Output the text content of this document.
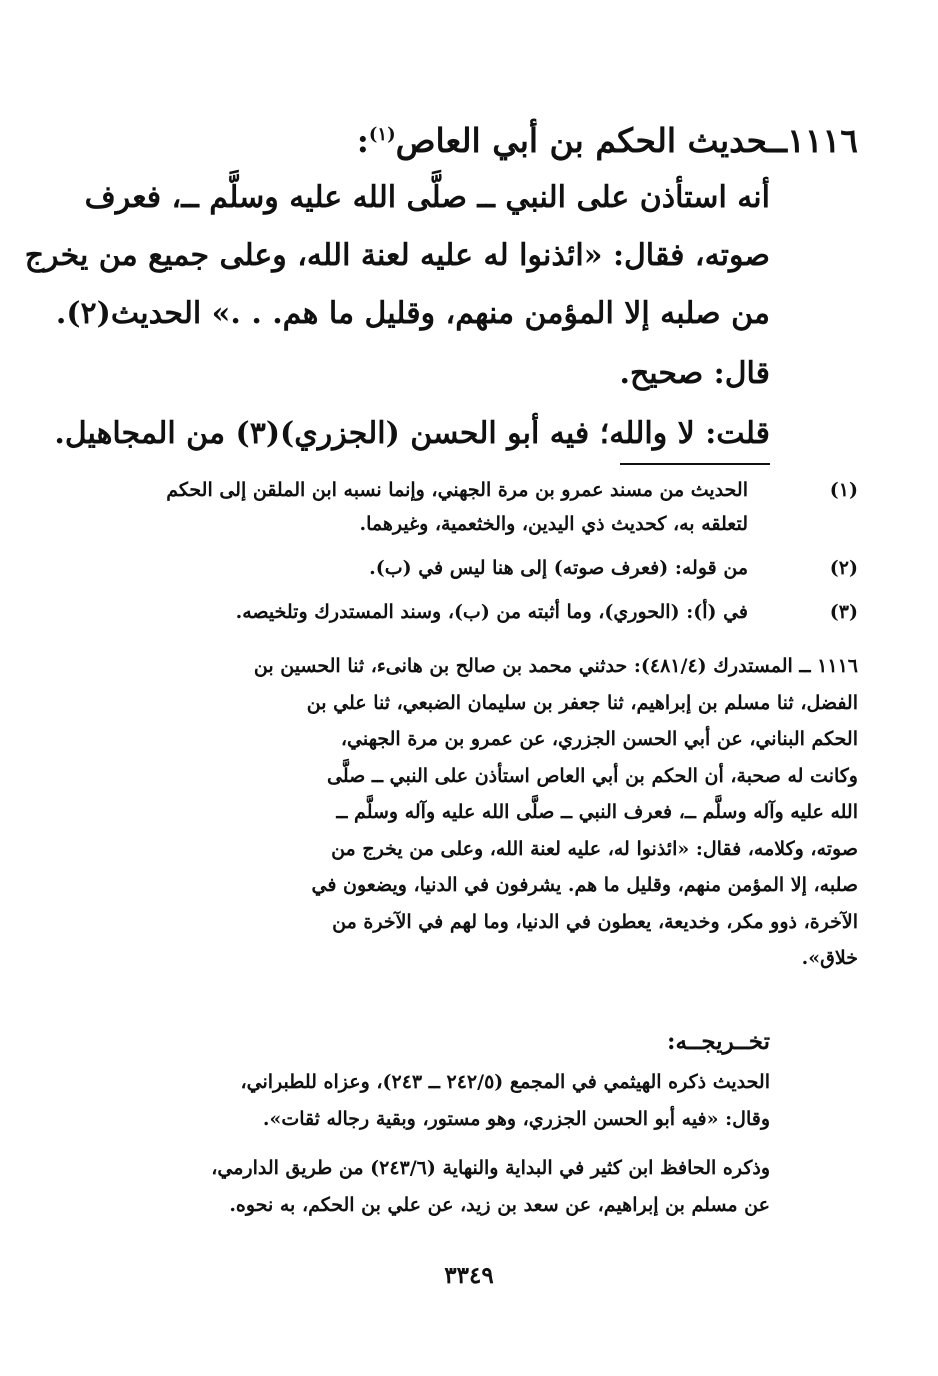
١١١٦ــحديث الحكم بن أبي العاص$^{(١)}$:
أنه استأذن على النبي ــ صلَّى الله عليه وسلَّم ــ، فعرف
صوته، فقال: «ائذنوا له عليه لعنة الله، وعلى جميع من يخرج
من صلبه إلا المؤمن منهم، وقليل ما هم. . .» الحديث(٢).
قال: صحيح.
قلت: لا والله؛ فيه أبو الحسن (الجزري)(٣) من المجاهيل.
(١)
الحديث من مسند عمرو بن مرة الجهني، وإنما نسبه ابن الملقن إلى الحكم
لتعلقه به، كحديث ذي اليدين، والخثعمية، وغيرهما.
(٢)
من قوله: (فعرف صوته) إلى هنا ليس في (ب).
(٣)
في (أ): (الحوري)، وما أثبته من (ب)، وسند المستدرك وتلخيصه.
١١١٦ ــ المستدرك (٤٨١/٤): حدثني محمد بن صالح بن هانىء، ثنا الحسين بن
الفضل، ثنا مسلم بن إبراهيم، ثنا جعفر بن سليمان الضبعي، ثنا علي بن
الحكم البناني، عن أبي الحسن الجزري، عن عمرو بن مرة الجهني،
وكانت له صحبة، أن الحكم بن أبي العاص استأذن على النبي ــ صلَّى
الله عليه وآله وسلَّم ــ، فعرف النبي ــ صلَّى الله عليه وآله وسلَّم ــ
صوته، وكلامه، فقال: «ائذنوا له، عليه لعنة الله، وعلى من يخرج من
صلبه، إلا المؤمن منهم، وقليل ما هم. يشرفون في الدنيا، ويضعون في
الآخرة، ذوو مكر، وخديعة، يعطون في الدنيا، وما لهم في الآخرة من
خلاق».
تخــريجــه:
الحديث ذكره الهيثمي في المجمع (٢٤٢/٥ ــ ٢٤٣)، وعزاه للطبراني،
وقال: «فيه أبو الحسن الجزري، وهو مستور، وبقية رجاله ثقات».
وذكره الحافظ ابن كثير في البداية والنهاية (٢٤٣/٦) من طريق الدارمي،
عن مسلم بن إبراهيم، عن سعد بن زيد، عن علي بن الحكم، به نحوه.
٣٣٤٩
